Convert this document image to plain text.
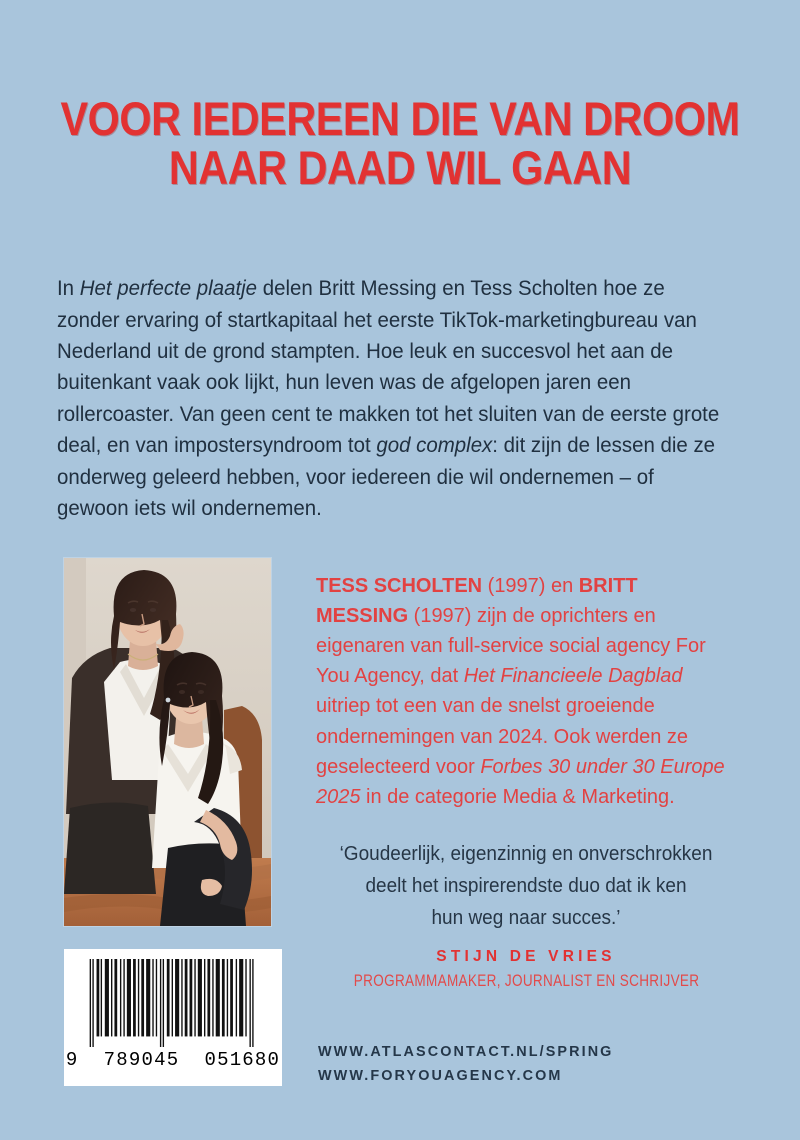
VOOR IEDEREEN DIE VAN DROOM
NAAR DAAD WIL GAAN

In Het perfecte plaatje delen Britt Messing en Tess Scholten hoe ze zonder ervaring of startkapitaal het eerste TikTok-marketingbureau van Nederland uit de grond stampten. Hoe leuk en succesvol het aan de buitenkant vaak ook lijkt, hun leven was de afgelopen jaren een rollercoaster. Van geen cent te makken tot het sluiten van de eerste grote deal, en van impostersyndroom tot god complex: dit zijn de lessen die ze onderweg geleerd hebben, voor iedereen die wil ondernemen – of gewoon iets wil ondernemen.

9  789045  051680

TESS SCHOLTEN (1997) en BRITT MESSING (1997) zijn de oprichters en eigenaren van full-service social agency For You Agency, dat Het Financieele Dagblad uitriep tot een van de snelst groeiende ondernemingen van 2024. Ook werden ze geselecteerd voor Forbes 30 under 30 Europe 2025 in de categorie Media & Marketing.

‘Goudeerlijk, eigenzinnig en onverschrokken
deelt het inspirerendste duo dat ik ken
hun weg naar succes.’
STIJN DE VRIES
PROGRAMMAMAKER, JOURNALIST EN SCHRIJVER
WWW.ATLASCONTACT.NL/SPRING
WWW.FORYOUAGENCY.COM
